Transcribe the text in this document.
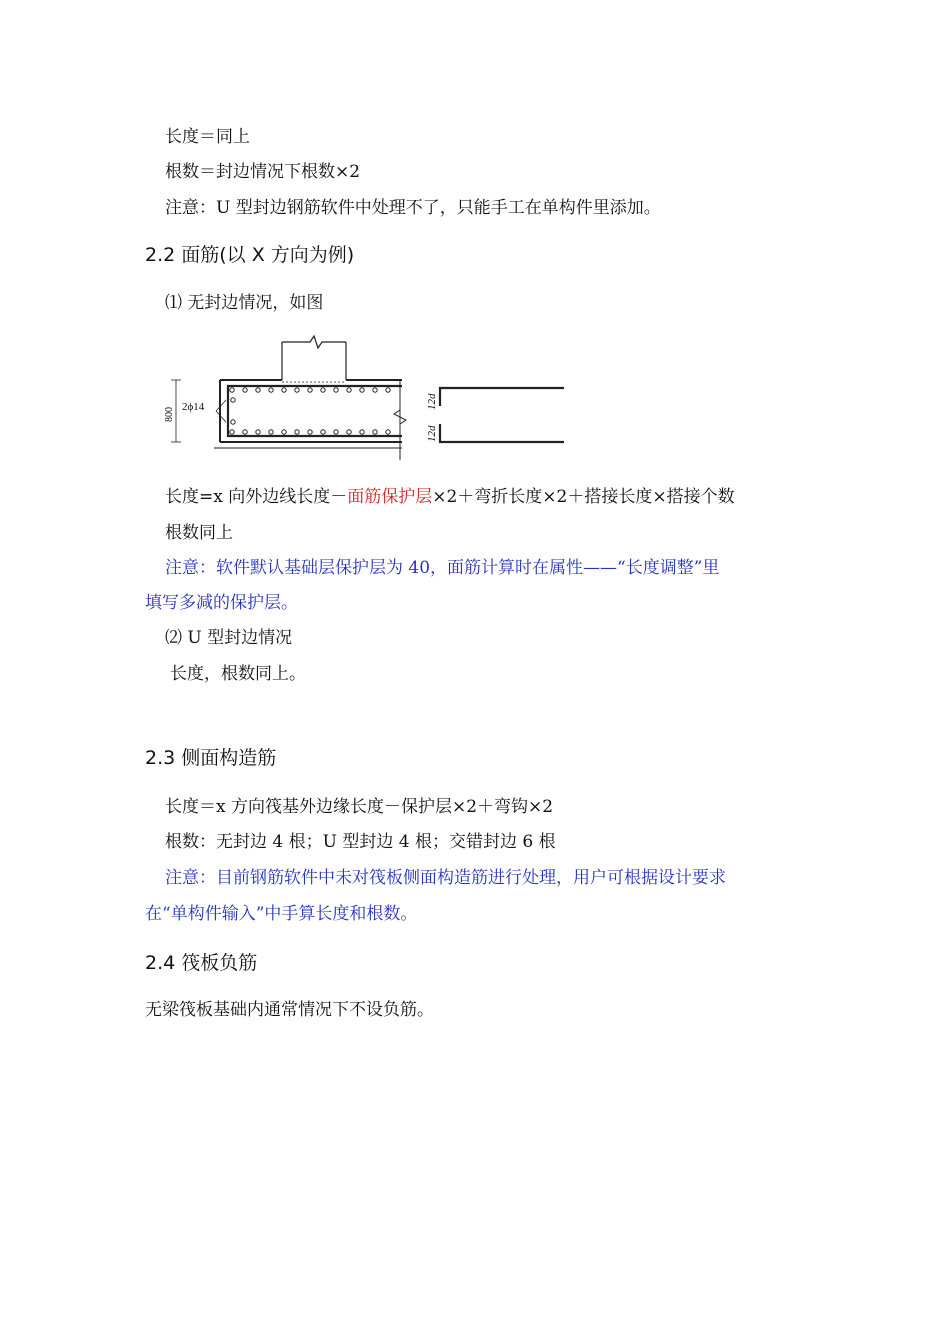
长度＝同上
根数＝封边情况下根数×2
注意：U 型封边钢筋软件中处理不了，只能手工在单构件里添加。
2.2 面筋(以 X 方向为例)
⑴ 无封边情况，如图
2ϕ14
800
12d
12d
长度=x 向外边线长度－面筋保护层×2＋弯折长度×2＋搭接长度×搭接个数
根数同上
注意：软件默认基础层保护层为 40，面筋计算时在属性——“长度调整”里
填写多减的保护层。
⑵ U 型封边情况
长度，根数同上。
2.3 侧面构造筋
长度＝x 方向筏基外边缘长度－保护层×2＋弯钩×2
根数：无封边 4 根；U 型封边 4 根；交错封边 6 根
注意：目前钢筋软件中未对筏板侧面构造筋进行处理，用户可根据设计要求
在“单构件输入”中手算长度和根数。
2.4 筏板负筋
无梁筏板基础内通常情况下不设负筋。
